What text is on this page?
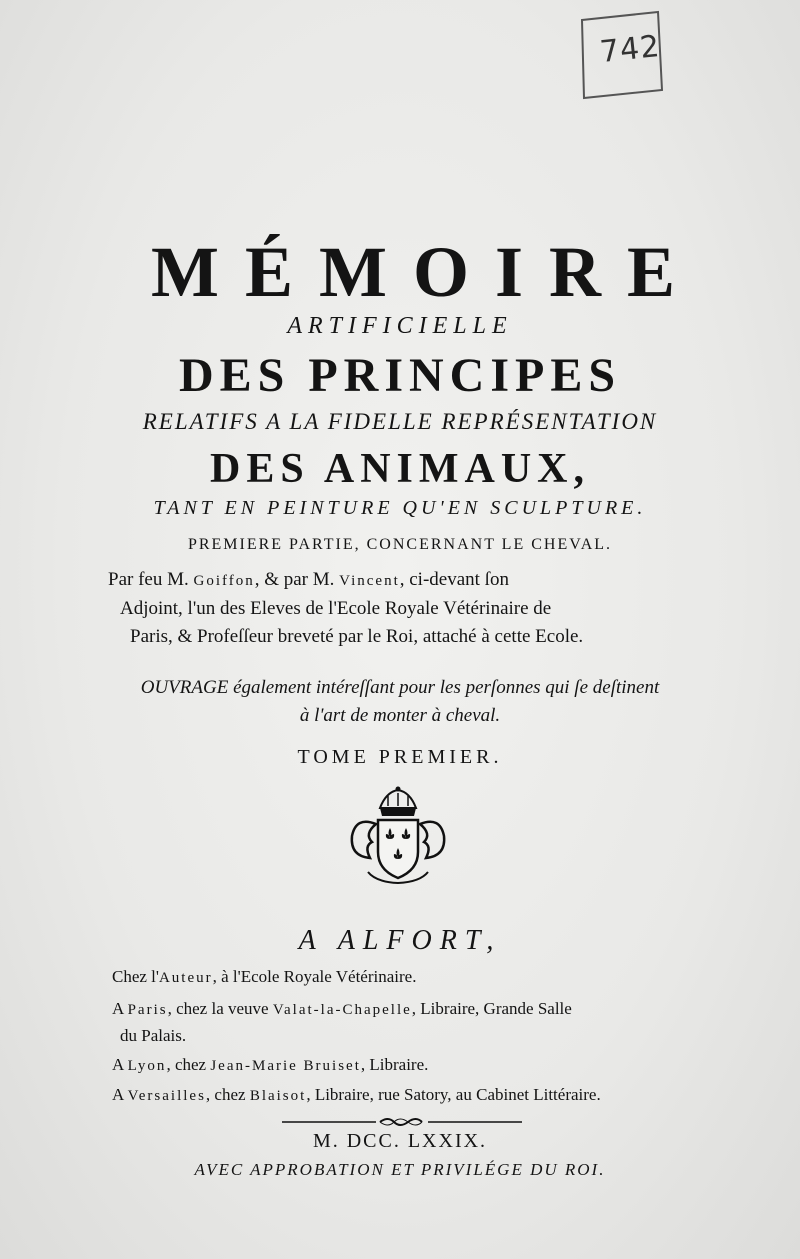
742
MÉMOIRE
ARTIFICIELLE
DES PRINCIPES
RELATIFS A LA FIDELLE REPRÉSENTATION
DES ANIMAUX,
TANT EN PEINTURE QU'EN SCULPTURE.
PREMIERE PARTIE, CONCERNANT LE CHEVAL.
Par feu M. Goiffon, & par M. Vincent, ci-devant ſon
Adjoint, l'un des Eleves de l'Ecole Royale Vétérinaire de
Paris, & Profeſſeur breveté par le Roi, attaché à cette Ecole.
OUVRAGE également intéreſſant pour les perſonnes qui ſe deſtinent
à l'art de monter à cheval.
TOME PREMIER.
A ALFORT,
Chez l'Auteur, à l'Ecole Royale Vétérinaire.
A Paris, chez la veuve Valat-la-Chapelle, Libraire, Grande Salle
du Palais.
A Lyon, chez Jean-Marie Bruiset, Libraire.
A Versailles, chez Blaisot, Libraire, rue Satory, au Cabinet Littéraire.
M. DCC. LXXIX.
AVEC APPROBATION ET PRIVILÉGE DU ROI.
